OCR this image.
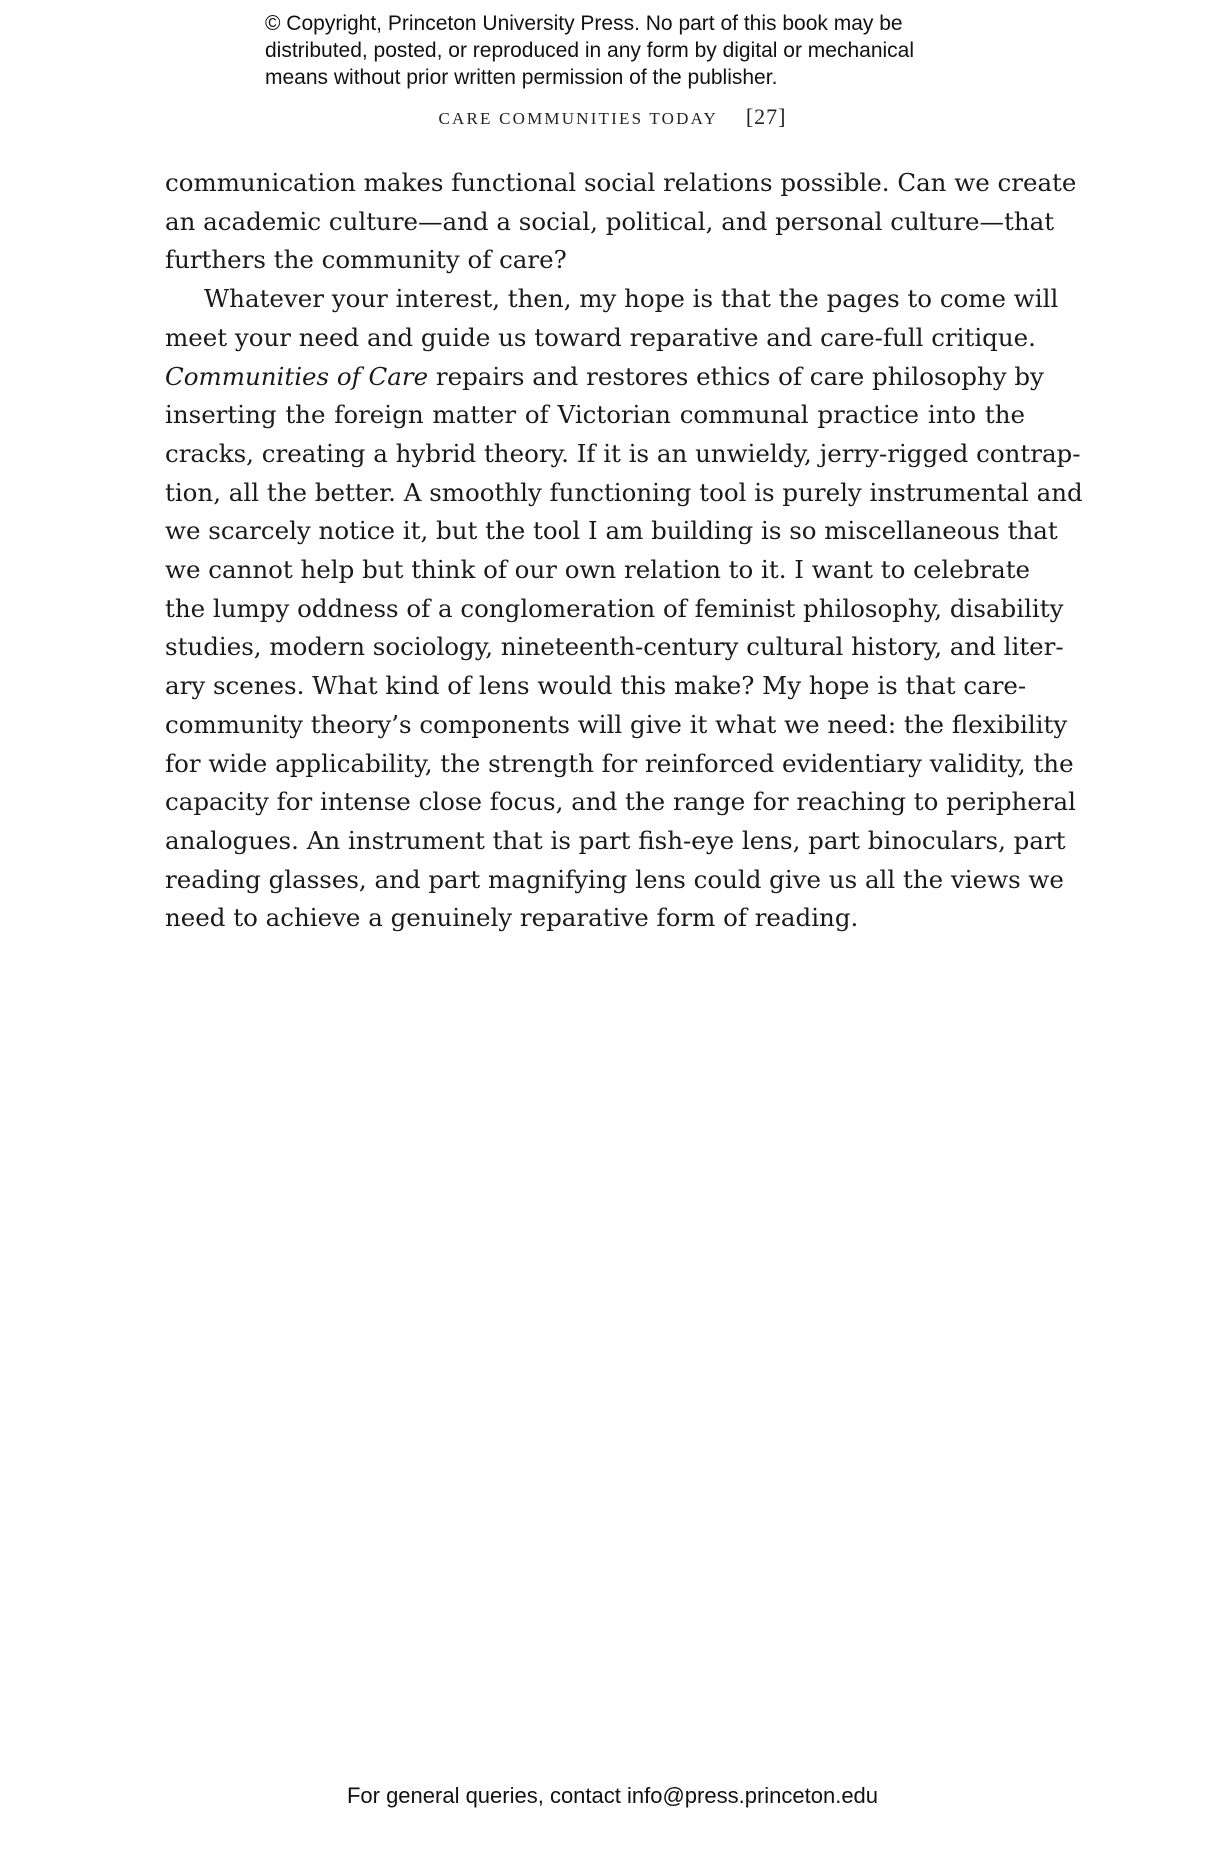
© Copyright, Princeton University Press. No part of this book may be
distributed, posted, or reproduced in any form by digital or mechanical
means without prior written permission of the publisher.
CARE COMMUNITIES TODAY [27]
communication makes functional social relations possible. Can we create
an academic culture—and a social, political, and personal culture—that
furthers the community of care?
Whatever your interest, then, my hope is that the pages to come will
meet your need and guide us toward reparative and care-full critique.
Communities of Care repairs and restores ethics of care philosophy by
inserting the foreign matter of Victorian communal practice into the
cracks, creating a hybrid theory. If it is an unwieldy, jerry-rigged contrap-
tion, all the better. A smoothly functioning tool is purely instrumental and
we scarcely notice it, but the tool I am building is so miscellaneous that
we cannot help but think of our own relation to it. I want to celebrate
the lumpy oddness of a conglomeration of feminist philosophy, disability
studies, modern sociology, nineteenth-century cultural history, and liter-
ary scenes. What kind of lens would this make? My hope is that care-
community theory’s components will give it what we need: the flexibility
for wide applicability, the strength for reinforced evidentiary validity, the
capacity for intense close focus, and the range for reaching to peripheral
analogues. An instrument that is part fish-eye lens, part binoculars, part
reading glasses, and part magnifying lens could give us all the views we
need to achieve a genuinely reparative form of reading.
For general queries, contact info@press.princeton.edu
